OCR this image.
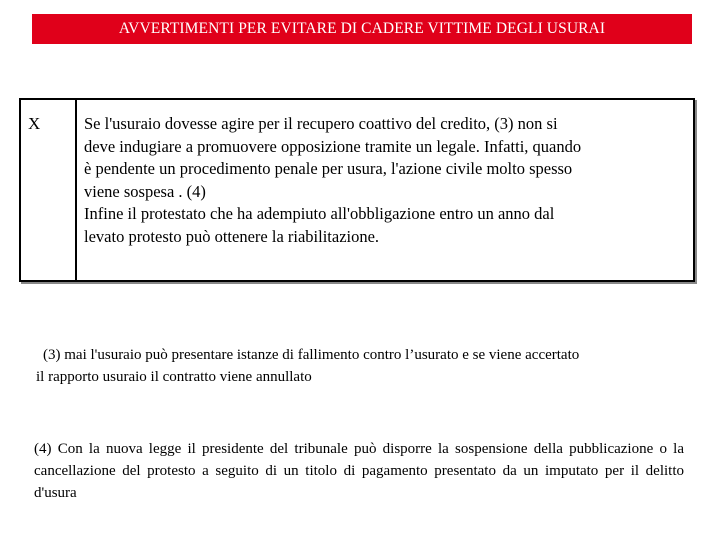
AVVERTIMENTI PER EVITARE DI CADERE VITTIME DEGLI USURAI
X	Se l'usuraio dovesse agire per il recupero coattivo del credito, (3) non si

deve indugiare a promuovere opposizione tramite un legale. Infatti, quando

è pendente un procedimento penale per usura, l'azione civile molto spesso

viene sospesa . (4)

Infine il protestato che ha adempiuto all'obbligazione entro un anno dal

levato protesto può ottenere la riabilitazione.

(3) mai l'usuraio può presentare istanze di fallimento contro l’usurato e se viene accertato

il rapporto usuraio il contratto viene annullato

(4) Con la nuova legge il presidente del tribunale può disporre la sospensione della pubblicazione o la cancellazione del protesto a seguito di un titolo di pagamento presentato da un imputato per il delitto d'usura
